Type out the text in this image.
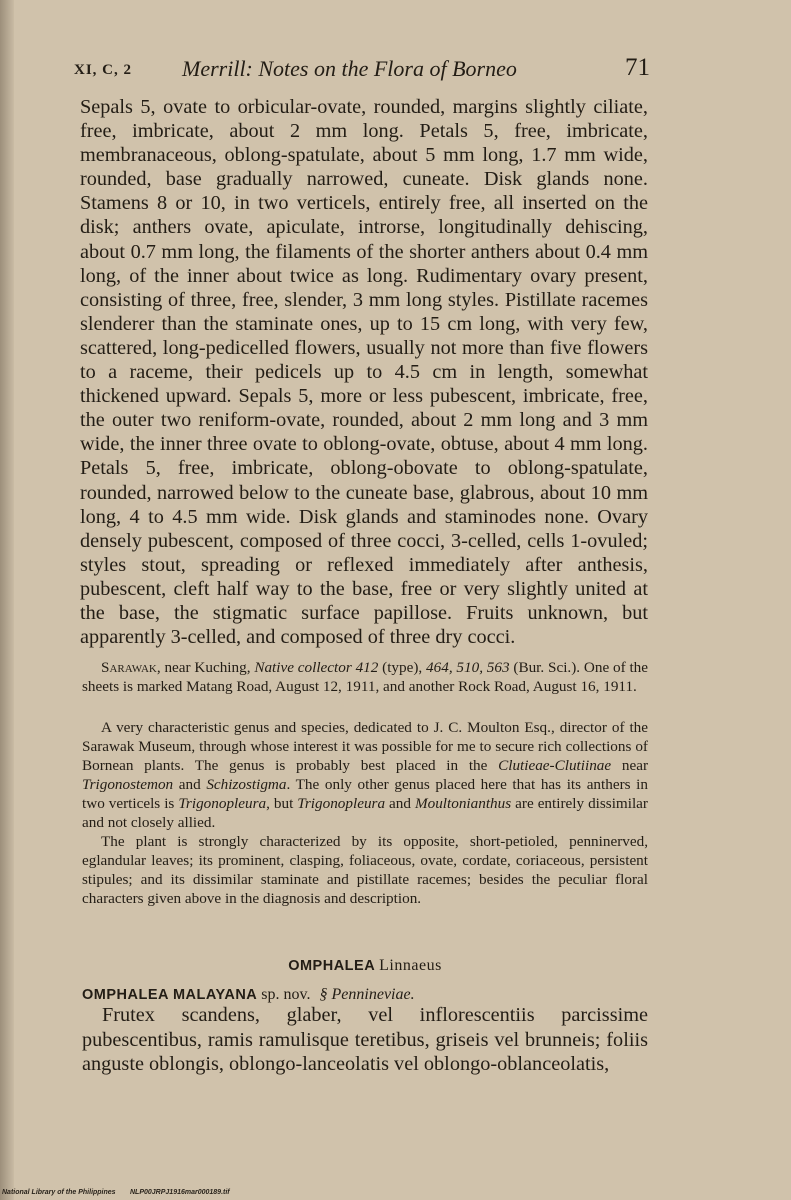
XI, C, 2 Merrill: Notes on the Flora of Borneo	71

Sepals 5, ovate to orbicular-ovate, rounded, margins slightly ciliate, free, imbricate, about 2 mm long. Petals 5, free, imbricate, membranaceous, oblong-spatulate, about 5 mm long, 1.7 mm wide, rounded, base gradually narrowed, cuneate. Disk glands none. Stamens 8 or 10, in two verticels, entirely free, all inserted on the disk; anthers ovate, apiculate, introrse, longitudinally dehiscing, about 0.7 mm long, the filaments of the shorter anthers about 0.4 mm long, of the inner about twice as long. Rudimentary ovary present, consisting of three, free, slender, 3 mm long styles. Pistillate racemes slenderer than the staminate ones, up to 15 cm long, with very few, scattered, long-pedicelled flowers, usually not more than five flowers to a raceme, their pedicels up to 4.5 cm in length, somewhat thickened upward. Sepals 5, more or less pubescent, imbricate, free, the outer two reniform-ovate, rounded, about 2 mm long and 3 mm wide, the inner three ovate to oblong-ovate, obtuse, about 4 mm long. Petals 5, free, imbricate, oblong-obovate to oblong-spatulate, rounded, narrowed below to the cuneate base, glabrous, about 10 mm long, 4 to 4.5 mm wide. Disk glands and staminodes none. Ovary densely pubescent, composed of three cocci, 3-celled, cells 1-ovuled; styles stout, spreading or reflexed immediately after anthesis, pubescent, cleft half way to the base, free or very slightly united at the base, the stigmatic surface papillose. Fruits unknown, but apparently 3-celled, and composed of three dry cocci.

Sarawak, near Kuching, Native collector 412 (type), 464, 510, 563 (Bur. Sci.). One of the sheets is marked Matang Road, August 12, 1911, and another Rock Road, August 16, 1911.

A very characteristic genus and species, dedicated to J. C. Moulton Esq., director of the Sarawak Museum, through whose interest it was possible for me to secure rich collections of Bornean plants. The genus is probably best placed in the Clutieae-Clutiinae near Trigonostemon and Schizostigma. The only other genus placed here that has its anthers in two verticels is Trigonopleura, but Trigonopleura and Moultonianthus are entirely dissimilar and not closely allied.

The plant is strongly characterized by its opposite, short-petioled, penninerved, eglandular leaves; its prominent, clasping, foliaceous, ovate, cordate, coriaceous, persistent stipules; and its dissimilar staminate and pistillate racemes; besides the peculiar floral characters given above in the diagnosis and description.

OMPHALEA Linnaeus
OMPHALEA MALAYANA sp. nov. § Pennineviae.

Frutex scandens, glaber, vel inflorescentiis parcissime pubescentibus, ramis ramulisque teretibus, griseis vel brunneis; foliis anguste oblongis, oblongo-lanceolatis vel oblongo-oblanceolatis,

National Library of the Philippines NLP00JRPJ1916mar000189.tif
